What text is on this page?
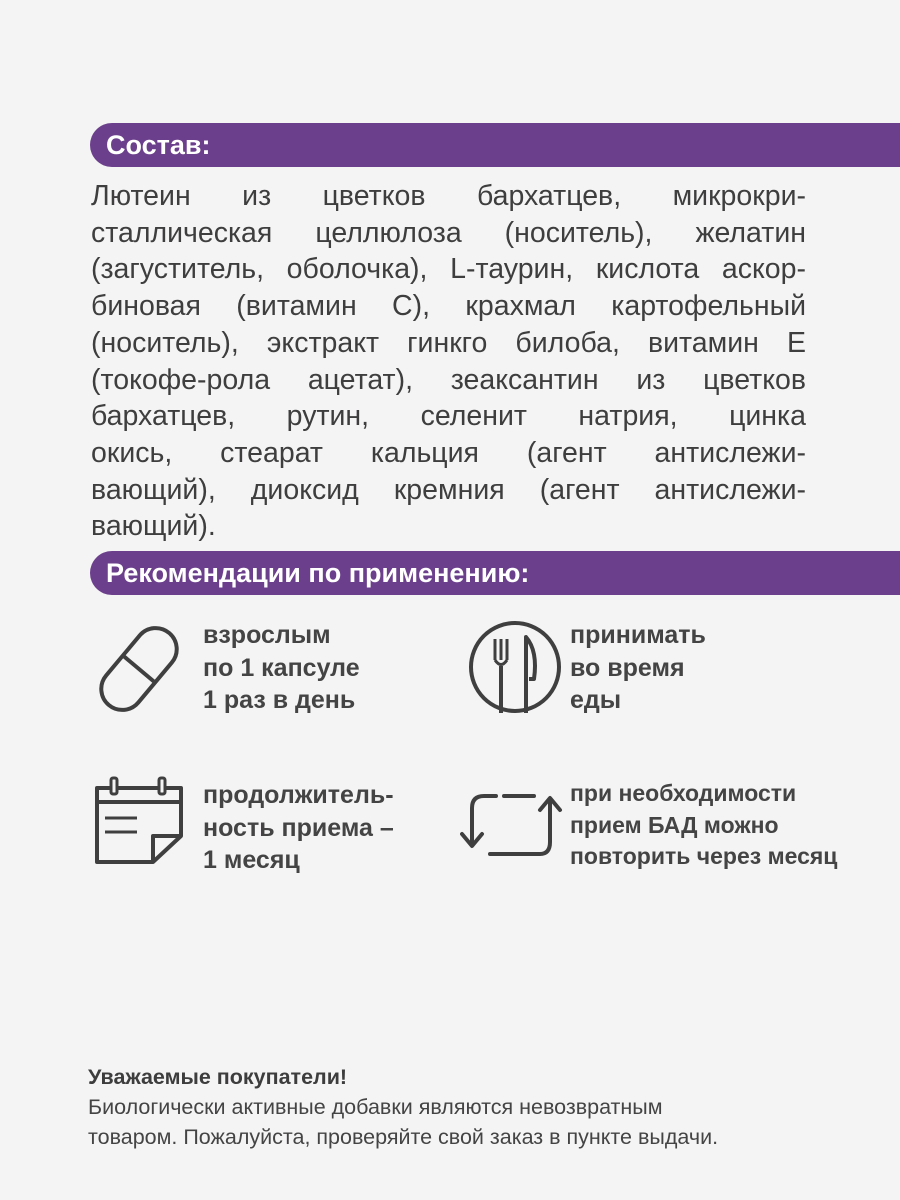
Состав:
Лютеин из цветков бархатцев, микрокри-
сталлическая целлюлоза (носитель), желатин
(загуститель, оболочка), L-таурин, кислота аскор-
биновая (витамин С), крахмал картофельный
(носитель), экстракт гинкго билоба, витамин Е
(токофе-рола ацетат), зеаксантин из цветков
бархатцев, рутин, селенит натрия, цинка
окись, стеарат кальция (агент антислежи-
вающий), диоксид кремния (агент антислежи-
вающий).
Рекомендации по применению:
взрослым
по 1 капсуле
1 раз в день
принимать
во время
еды
продолжитель-
ность приема –
1 месяц
при необходимости
прием БАД можно
повторить через месяц
Уважаемые покупатели!
Биологически активные добавки являются невозвратным
товаром. Пожалуйста, проверяйте свой заказ в пункте выдачи.
